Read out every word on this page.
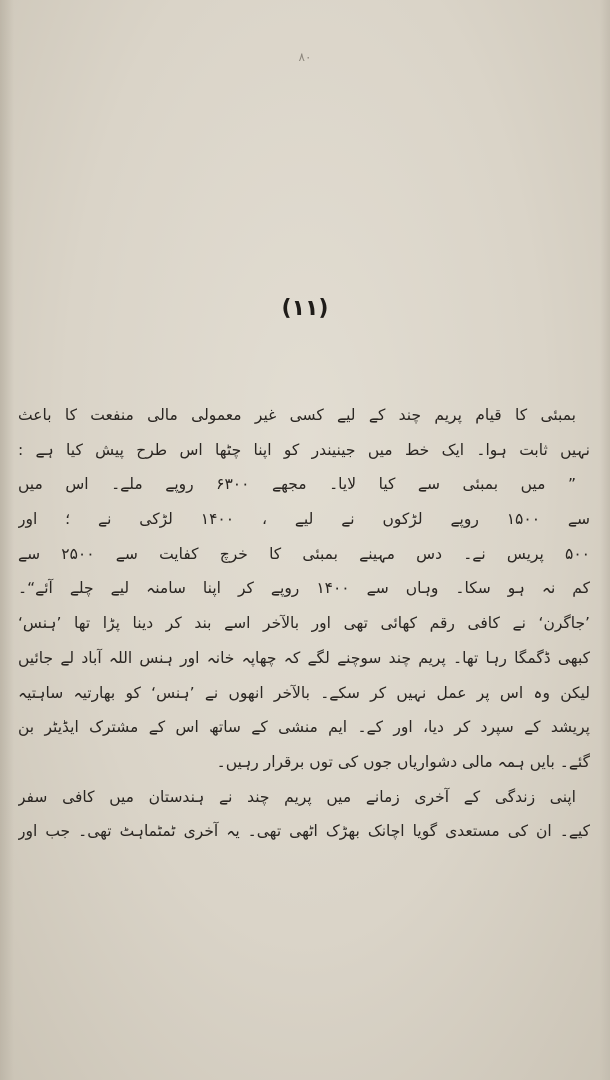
۸۰
(۱۱)
بمبئی کا قیام پریم چند کے لیے کسی غیر معمولی مالی منفعت کا باعث
نہیں ثابت ہوا۔ ایک خط میں جینیندر کو اپنا چٹھا اس طرح پیش کیا ہے :
” میں بمبئی سے کیا لایا۔ مجھے ۶۳۰۰ روپے ملے۔ اس میں
سے ۱۵۰۰ روپے لڑکوں نے لیے ، ۱۴۰۰ لڑکی نے ؛ اور
۵۰۰ پریس نے۔ دس مہینے بمبئی کا خرچ کفایت سے ۲۵۰۰ سے
کم نہ ہو سکا۔ وہاں سے ۱۴۰۰ روپے کر اپنا سامنہ لیے چلے آئے“۔
’جاگرن‘ نے کافی رقم کھائی تھی اور بالآخر اسے بند کر دینا پڑا تھا ’ہنس‘
کبھی ڈگمگا رہا تھا۔ پریم چند سوچنے لگے کہ چھاپہ خانہ اور ہنس اللہ آباد لے جائیں
لیکن وہ اس پر عمل نہیں کر سکے۔ بالآخر انھوں نے ’ہنس‘ کو بھارتیہ ساہتیہ
پریشد کے سپرد کر دیا، اور کے۔ ایم منشی کے ساتھ اس کے مشترک ایڈیٹر بن
گئے۔ بایں ہمہ مالی دشواریاں جوں کی توں برقرار رہیں۔
اپنی زندگی کے آخری زمانے میں پریم چند نے ہندستان میں کافی سفر
کیے۔ ان کی مستعدی گویا اچانک بھڑک اٹھی تھی۔ یہ آخری ٹمٹماہٹ تھی۔ جب اور
